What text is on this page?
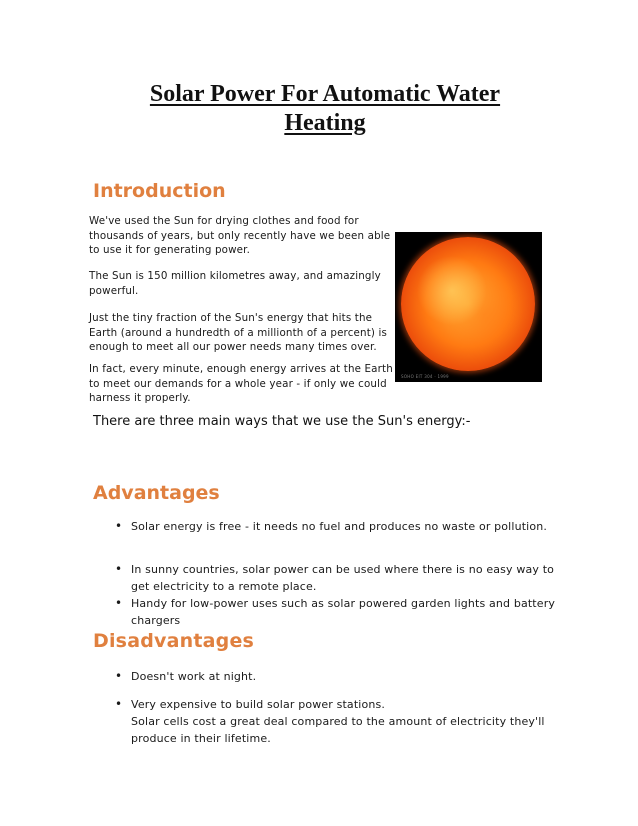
Solar Power For Automatic Water
Heating
Introduction

We've used the Sun for drying clothes and food for thousands of years, but only recently have we been able to use it for generating power.

The Sun is 150 million kilometres away, and amazingly powerful.

Just the tiny fraction of the Sun's energy that hits the Earth (around a hundredth of a millionth of a percent) is enough to meet all our power needs many times over.

In fact, every minute, enough energy arrives at the Earth to meet our demands for a whole year - if only we could harness it properly.

SOHO EIT 304 · 1999

There are three main ways that we use the Sun's energy:-

Advantages
• Solar energy is free - it needs no fuel and produces no waste or pollution.
• In sunny countries, solar power can be used where there is no easy way to get electricity to a remote place.
• Handy for low-power uses such as solar powered garden lights and battery chargers
Disadvantages
• Doesn't work at night.
• Very expensive to build solar power stations.
Solar cells cost a great deal compared to the amount of electricity they'll produce in their lifetime.
